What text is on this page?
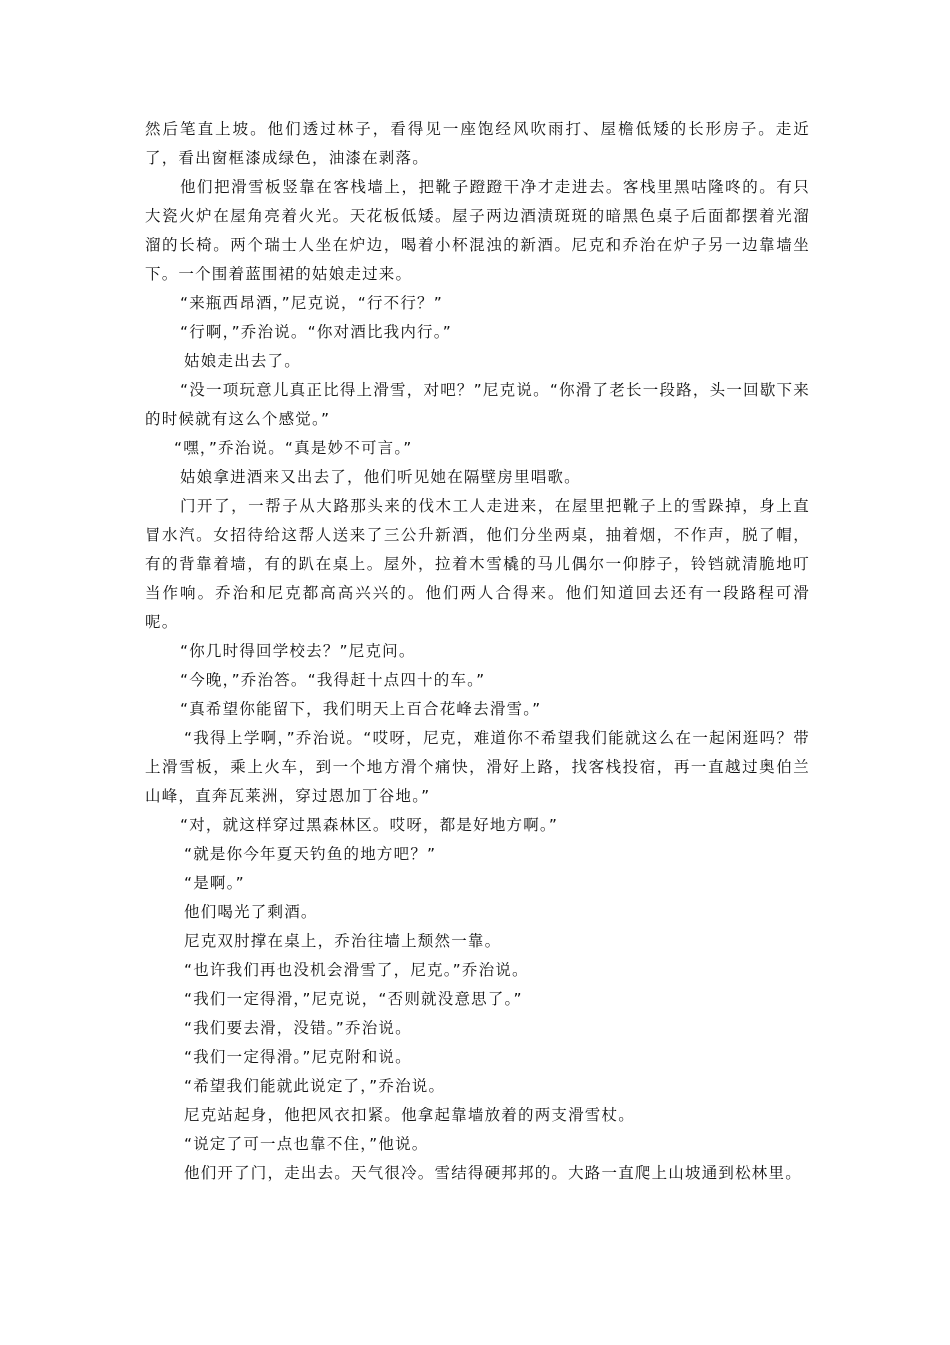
然后笔直上坡。他们透过林子，看得见一座饱经风吹雨打、屋檐低矮的长形房子。走近了，看出窗框漆成绿色，油漆在剥落。

他们把滑雪板竖靠在客栈墙上，把靴子蹬蹬干净才走进去。客栈里黑咕隆咚的。有只大瓷火炉在屋角亮着火光。天花板低矮。屋子两边酒渍斑斑的暗黑色桌子后面都摆着光溜溜的长椅。两个瑞士人坐在炉边，喝着小杯混浊的新酒。尼克和乔治在炉子另一边靠墙坐下。一个围着蓝围裙的姑娘走过来。

“来瓶西昂酒，”尼克说，“行不行？”

“行啊，”乔治说。“你对酒比我内行。”

姑娘走出去了。

“没一项玩意儿真正比得上滑雪，对吧？”尼克说。“你滑了老长一段路，头一回歇下来的时候就有这么个感觉。”

“嘿，”乔治说。“真是妙不可言。”

姑娘拿进酒来又出去了，他们听见她在隔壁房里唱歌。

门开了，一帮子从大路那头来的伐木工人走进来，在屋里把靴子上的雪跺掉，身上直冒水汽。女招待给这帮人送来了三公升新酒，他们分坐两桌，抽着烟，不作声，脱了帽，有的背靠着墙，有的趴在桌上。屋外，拉着木雪橇的马儿偶尔一仰脖子，铃铛就清脆地叮当作响。乔治和尼克都高高兴兴的。他们两人合得来。他们知道回去还有一段路程可滑呢。

“你几时得回学校去？”尼克问。

“今晚，”乔治答。“我得赶十点四十的车。”

“真希望你能留下，我们明天上百合花峰去滑雪。”

“我得上学啊，”乔治说。“哎呀，尼克，难道你不希望我们能就这么在一起闲逛吗？带上滑雪板，乘上火车，到一个地方滑个痛快，滑好上路，找客栈投宿，再一直越过奥伯兰山峰，直奔瓦莱洲，穿过恩加丁谷地。”

“对，就这样穿过黑森林区。哎呀，都是好地方啊。”

“就是你今年夏天钓鱼的地方吧？”

“是啊。”

他们喝光了剩酒。

尼克双肘撑在桌上，乔治往墙上颓然一靠。

“也许我们再也没机会滑雪了，尼克。”乔治说。

“我们一定得滑，”尼克说，“否则就没意思了。”

“我们要去滑，没错。”乔治说。

“我们一定得滑。”尼克附和说。

“希望我们能就此说定了，”乔治说。

尼克站起身，他把风衣扣紧。他拿起靠墙放着的两支滑雪杖。

“说定了可一点也靠不住，”他说。

他们开了门，走出去。天气很冷。雪结得硬邦邦的。大路一直爬上山坡通到松林里。
